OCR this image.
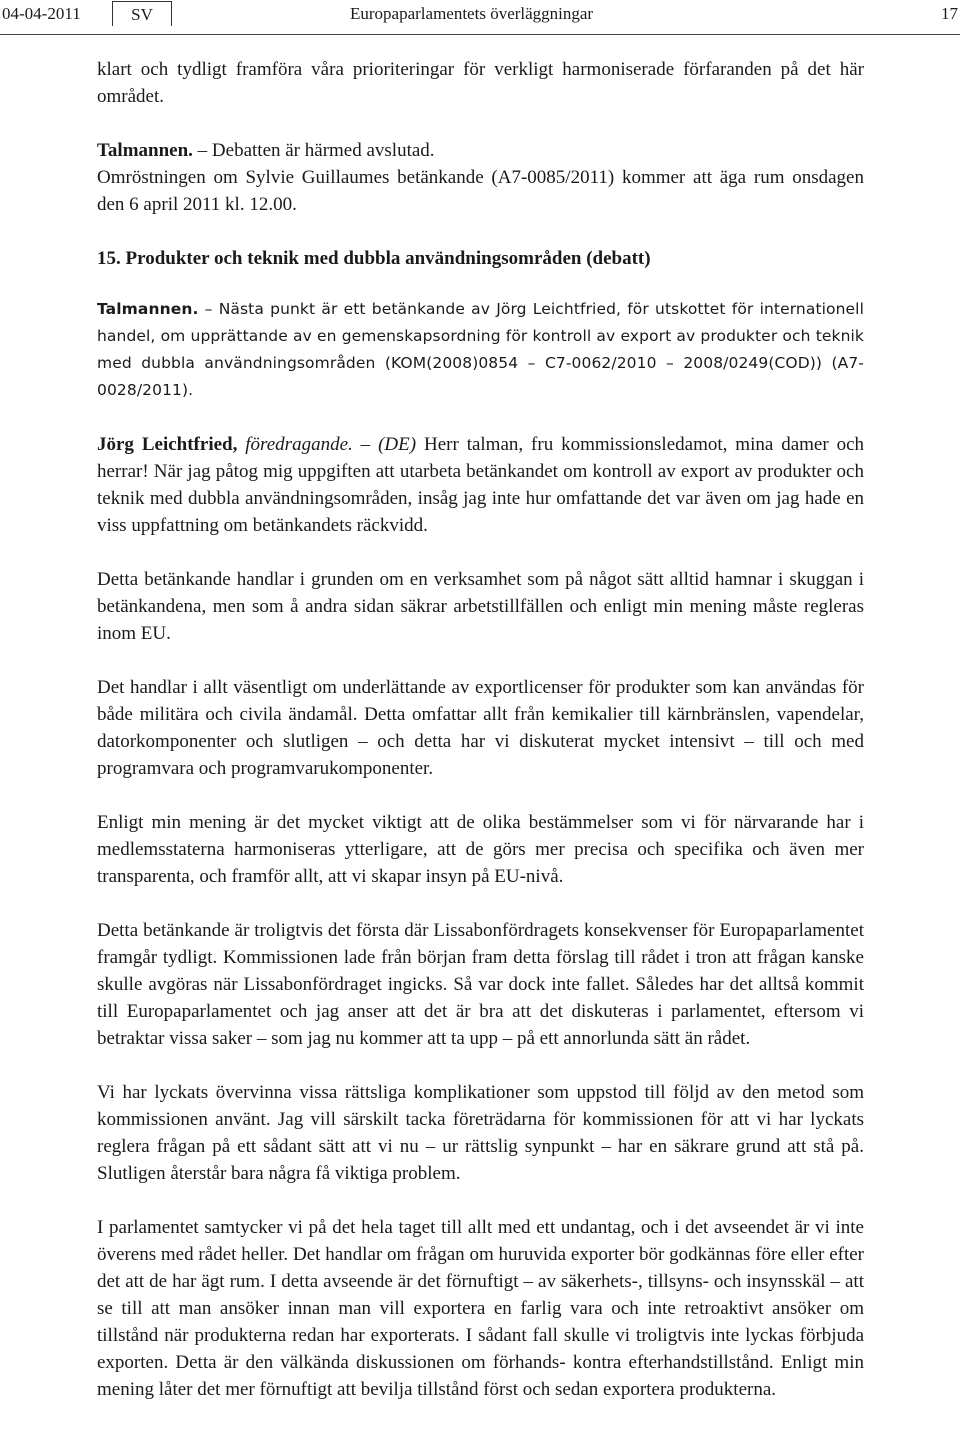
04-04-2011	SV	Europaparlamentets överläggningar	17

klart och tydligt framföra våra prioriteringar för verkligt harmoniserade förfaranden på det här området.

Talmannen. – Debatten är härmed avslutad.

Omröstningen om Sylvie Guillaumes betänkande (A7-0085/2011) kommer att äga rum onsdagen den 6 april 2011 kl. 12.00.

15. Produkter och teknik med dubbla användningsområden (debatt)

Talmannen. – Nästa punkt är ett betänkande av Jörg Leichtfried, för utskottet för internationell handel, om upprättande av en gemenskapsordning för kontroll av export av produkter och teknik med dubbla användningsområden (KOM(2008)0854 – C7-0062/2010 – 2008/0249(COD)) (A7-0028/2011).

Jörg Leichtfried, föredragande. – (DE) Herr talman, fru kommissionsledamot, mina damer och herrar! När jag påtog mig uppgiften att utarbeta betänkandet om kontroll av export av produkter och teknik med dubbla användningsområden, insåg jag inte hur omfattande det var även om jag hade en viss uppfattning om betänkandets räckvidd.

Detta betänkande handlar i grunden om en verksamhet som på något sätt alltid hamnar i skuggan i betänkandena, men som å andra sidan säkrar arbetstillfällen och enligt min mening måste regleras inom EU.

Det handlar i allt väsentligt om underlättande av exportlicenser för produkter som kan användas för både militära och civila ändamål. Detta omfattar allt från kemikalier till kärnbränslen, vapendelar, datorkomponenter och slutligen – och detta har vi diskuterat mycket intensivt – till och med programvara och programvarukomponenter.

Enligt min mening är det mycket viktigt att de olika bestämmelser som vi för närvarande har i medlemsstaterna harmoniseras ytterligare, att de görs mer precisa och specifika och även mer transparenta, och framför allt, att vi skapar insyn på EU-nivå.

Detta betänkande är troligtvis det första där Lissabonfördragets konsekvenser för Europaparlamentet framgår tydligt. Kommissionen lade från början fram detta förslag till rådet i tron att frågan kanske skulle avgöras när Lissabonfördraget ingicks. Så var dock inte fallet. Således har det alltså kommit till Europaparlamentet och jag anser att det är bra att det diskuteras i parlamentet, eftersom vi betraktar vissa saker – som jag nu kommer att ta upp – på ett annorlunda sätt än rådet.

Vi har lyckats övervinna vissa rättsliga komplikationer som uppstod till följd av den metod som kommissionen använt. Jag vill särskilt tacka företrädarna för kommissionen för att vi har lyckats reglera frågan på ett sådant sätt att vi nu – ur rättslig synpunkt – har en säkrare grund att stå på. Slutligen återstår bara några få viktiga problem.

I parlamentet samtycker vi på det hela taget till allt med ett undantag, och i det avseendet är vi inte överens med rådet heller. Det handlar om frågan om huruvida exporter bör godkännas före eller efter det att de har ägt rum. I detta avseende är det förnuftigt – av säkerhets-, tillsyns- och insynsskäl – att se till att man ansöker innan man vill exportera en farlig vara och inte retroaktivt ansöker om tillstånd när produkterna redan har exporterats. I sådant fall skulle vi troligtvis inte lyckas förbjuda exporten. Detta är den välkända diskussionen om förhands- kontra efterhandstillstånd. Enligt min mening låter det mer förnuftigt att bevilja tillstånd först och sedan exportera produkterna.
